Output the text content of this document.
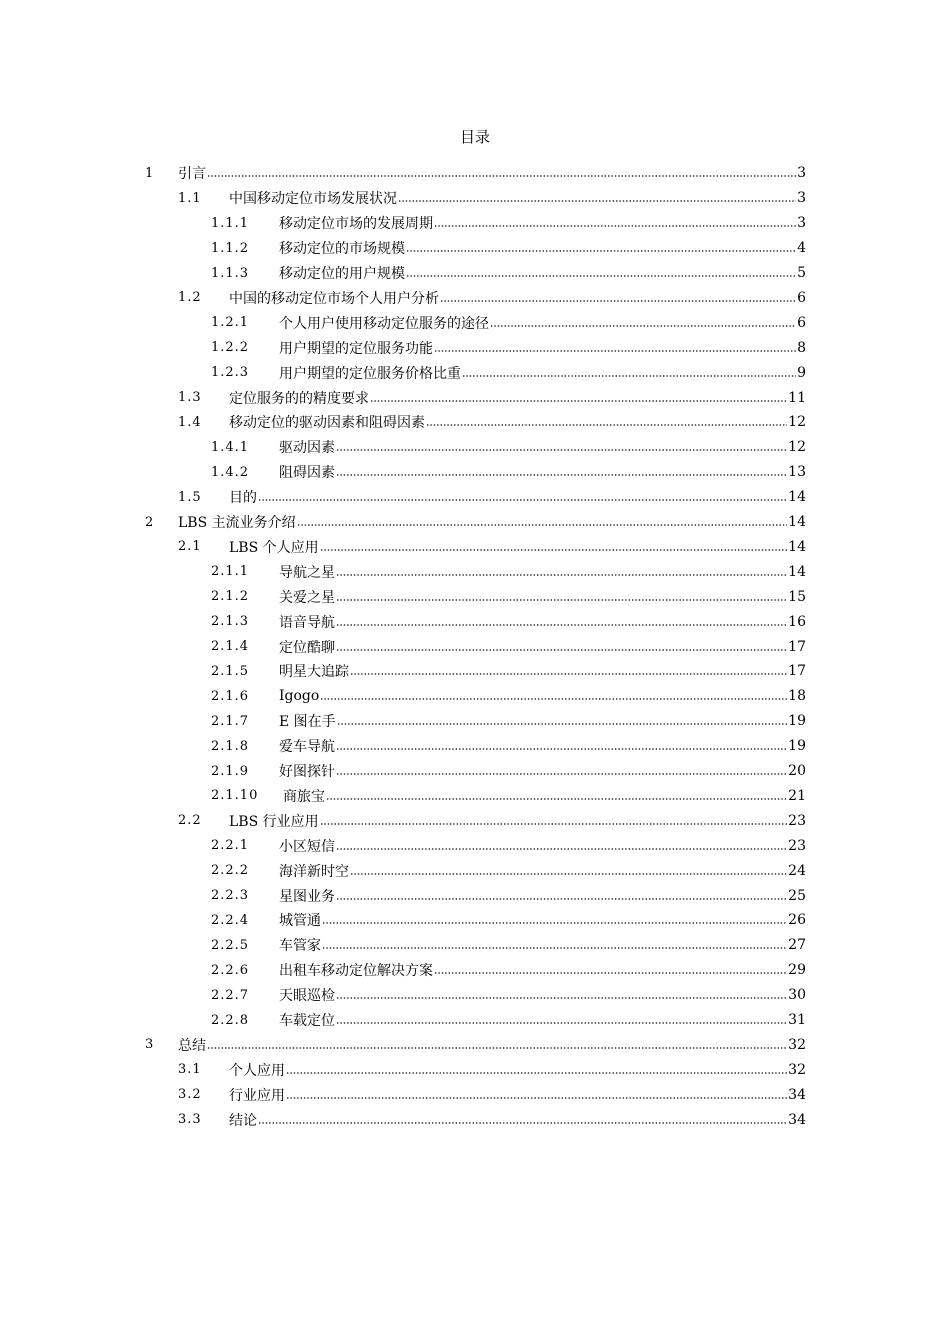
目录
1	引言	3
1.1	中国移动定位市场发展状况	3
1.1.1	移动定位市场的发展周期	3
1.1.2	移动定位的市场规模	4
1.1.3	移动定位的用户规模	5
1.2	中国的移动定位市场个人用户分析	6
1.2.1	个人用户使用移动定位服务的途径	6
1.2.2	用户期望的定位服务功能	8
1.2.3	用户期望的定位服务价格比重	9
1.3	定位服务的的精度要求	11
1.4	移动定位的驱动因素和阻碍因素	12
1.4.1	驱动因素	12
1.4.2	阻碍因素	13
1.5	目的	14
2	LBS 主流业务介绍	14
2.1	LBS 个人应用	14
2.1.1	导航之星	14
2.1.2	关爱之星	15
2.1.3	语音导航	16
2.1.4	定位酷聊	17
2.1.5	明星大追踪	17
2.1.6	Igogo	18
2.1.7	E 图在手	19
2.1.8	爱车导航	19
2.1.9	好图探针	20
2.1.10	商旅宝	21
2.2	LBS 行业应用	23
2.2.1	小区短信	23
2.2.2	海洋新时空	24
2.2.3	星图业务	25
2.2.4	城管通	26
2.2.5	车管家	27
2.2.6	出租车移动定位解决方案	29
2.2.7	天眼巡检	30
2.2.8	车载定位	31
3	总结	32
3.1	个人应用	32
3.2	行业应用	34
3.3	结论	34
